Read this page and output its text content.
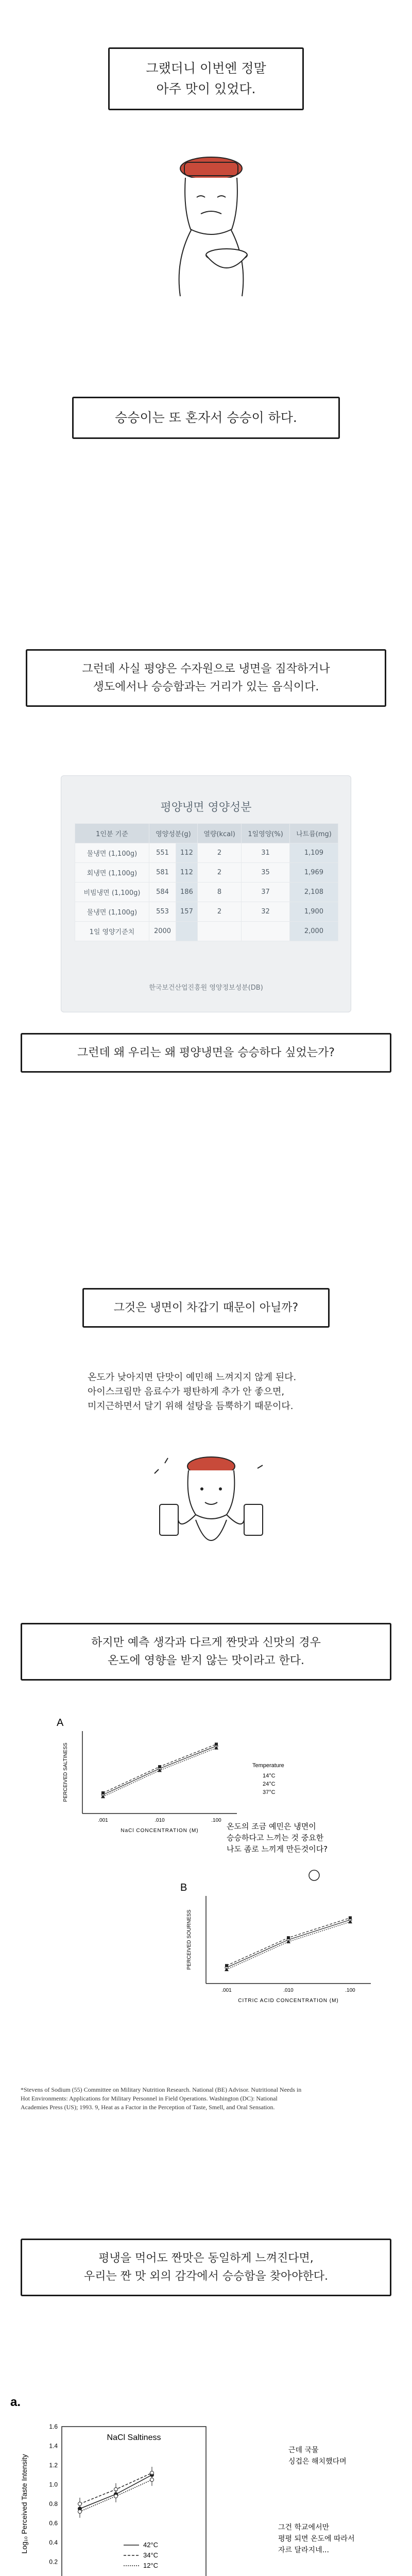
그랬더니 이번엔 정말
아주 맛이 있었다.
승승이는 또 혼자서 승승이 하다.
그런데 사실 평양은 수자원으로 냉면을 짐작하거나
생도에서나 승승함과는 거리가 있는 음식이다.
평양냉면 영양성분
1인분 기준	영양성분(g)		열량(kcal)	1일영양(%)	나트륨(mg)
물냉면 (1,100g)	551	112	2	31	1,109
회냉면 (1,100g)	581	112	2	35	1,969
비빔냉면 (1,100g)	584	186	8	37	2,108
물냉면 (1,100g)	553	157	2	32	1,900
1일 영양기준치	2000				2,000
한국보건산업진흥원 영양정보성분(DB)
그런데 왜 우리는 왜 평양냉면을 승승하다 싶었는가?
그것은 냉면이 차갑기 때문이 아닐까?
온도가 낮아지면 단맛이 예민해 느껴지지 않게 된다.
아이스크림만 음료수가 평탄하게 추가 안 좋으면,
미지근하면서 달기 위해 설탕을 듬뿍하기 때문이다.
하지만 예측 생각과 다르게 짠맛과 신맛의 경우
온도에 영향을 받지 않는 맛이라고 한다.
A
PERCEIVED SALTINESS
NaCl CONCENTRATION (M)
.001	.010	.100
Temperature
14°C
24°C
37°C
B
PERCEIVED SOURNESS
CITRIC ACID CONCENTRATION (M)
.001	.010	.100
온도의 조금 예민은 냉면이
승승하다고 느끼는 것 중요한
나도 좀로 느끼게 만든것이다?
*Stevens of Sodium (55) Committee on Military Nutrition Research. National (BE) Advisor. Nutritional Needs in
Hot Environments: Applications for Military Personnel in Field Operations. Washington (DC): National
Academies Press (US); 1993. 9, Heat as a Factor in the Perception of Taste, Smell, and Oral Sensation.
평냉을 먹어도 짠맛은 동일하게 느껴진다면,
우리는 짠 맛 외의 감각에서 승승함을 찾아야한다.
a.
NaCl Saltiness
Log₁₀ Perceived Taste Intensity
0.2
0.4
0.6
0.8
1.0
1.2
1.4
1.6
42°C
34°C
12°C
근데 국물
싱겁은 해치했다며
그건 학교에서만
평평 되면 온도에 따라서
자르 달라지네...
